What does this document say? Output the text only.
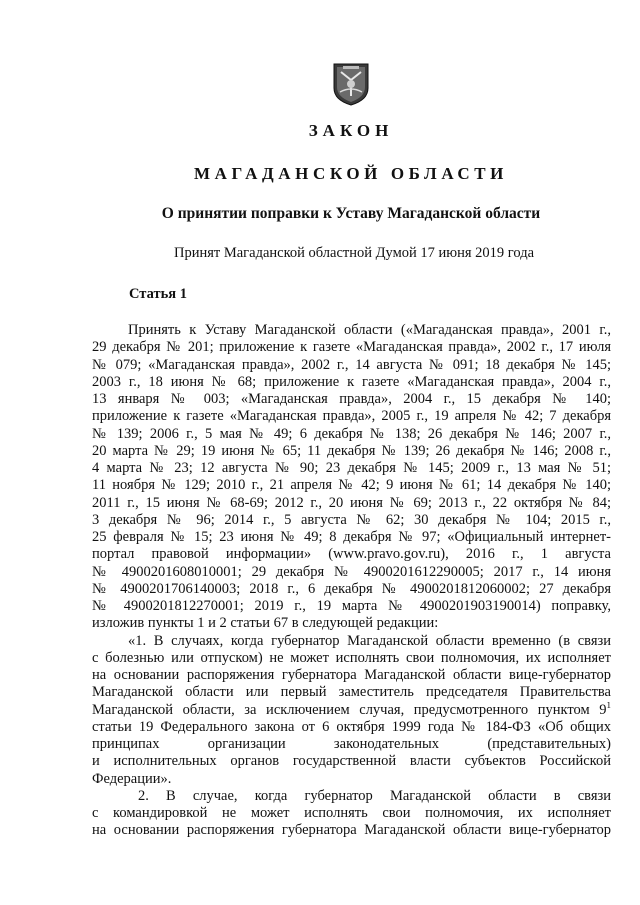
ЗАКОН
МАГАДАНСКОЙ ОБЛАСТИ
О принятии поправки к Уставу Магаданской области
Принят Магаданской областной Думой 17 июня 2019 года
Статья 1
Принять к Уставу Магаданской области («Магаданская правда», 2001 г.,
29 декабря № 201; приложение к газете «Магаданская правда», 2002 г., 17 июля
№ 079; «Магаданская правда», 2002 г., 14 августа № 091; 18 декабря № 145;
2003 г., 18 июня № 68; приложение к газете «Магаданская правда», 2004 г.,
13 января № 003; «Магаданская правда», 2004 г., 15 декабря № 140;
приложение к газете «Магаданская правда», 2005 г., 19 апреля № 42; 7 декабря
№ 139; 2006 г., 5 мая № 49; 6 декабря № 138; 26 декабря № 146; 2007 г.,
20 марта № 29; 19 июня № 65; 11 декабря № 139; 26 декабря № 146; 2008 г.,
4 марта № 23; 12 августа № 90; 23 декабря № 145; 2009 г., 13 мая № 51;
11 ноября № 129; 2010 г., 21 апреля № 42; 9 июня № 61; 14 декабря № 140;
2011 г., 15 июня № 68-69; 2012 г., 20 июня № 69; 2013 г., 22 октября № 84;
3 декабря № 96; 2014 г., 5 августа № 62; 30 декабря № 104; 2015 г.,
25 февраля № 15; 23 июня № 49; 8 декабря № 97; «Официальный интернет-
портал правовой информации» (www.pravo.gov.ru), 2016 г., 1 августа
№ 4900201608010001; 29 декабря № 4900201612290005; 2017 г., 14 июня
№ 4900201706140003; 2018 г., 6 декабря № 4900201812060002; 27 декабря
№ 4900201812270001; 2019 г., 19 марта № 4900201903190014) поправку,
изложив пункты 1 и 2 статьи 67 в следующей редакции:
«1. В случаях, когда губернатор Магаданской области временно (в связи
с болезнью или отпуском) не может исполнять свои полномочия, их исполняет
на основании распоряжения губернатора Магаданской области вице-губернатор
Магаданской области или первый заместитель председателя Правительства
Магаданской области, за исключением случая, предусмотренного пунктом $9^1$
статьи 19 Федерального закона от 6 октября 1999 года № 184-ФЗ «Об общих
принципах организации законодательных (представительных)
и исполнительных органов государственной власти субъектов Российской
Федерации».
2. В случае, когда губернатор Магаданской области в связи
с командировкой не может исполнять свои полномочия, их исполняет
на основании распоряжения губернатора Магаданской области вице-губернатор
